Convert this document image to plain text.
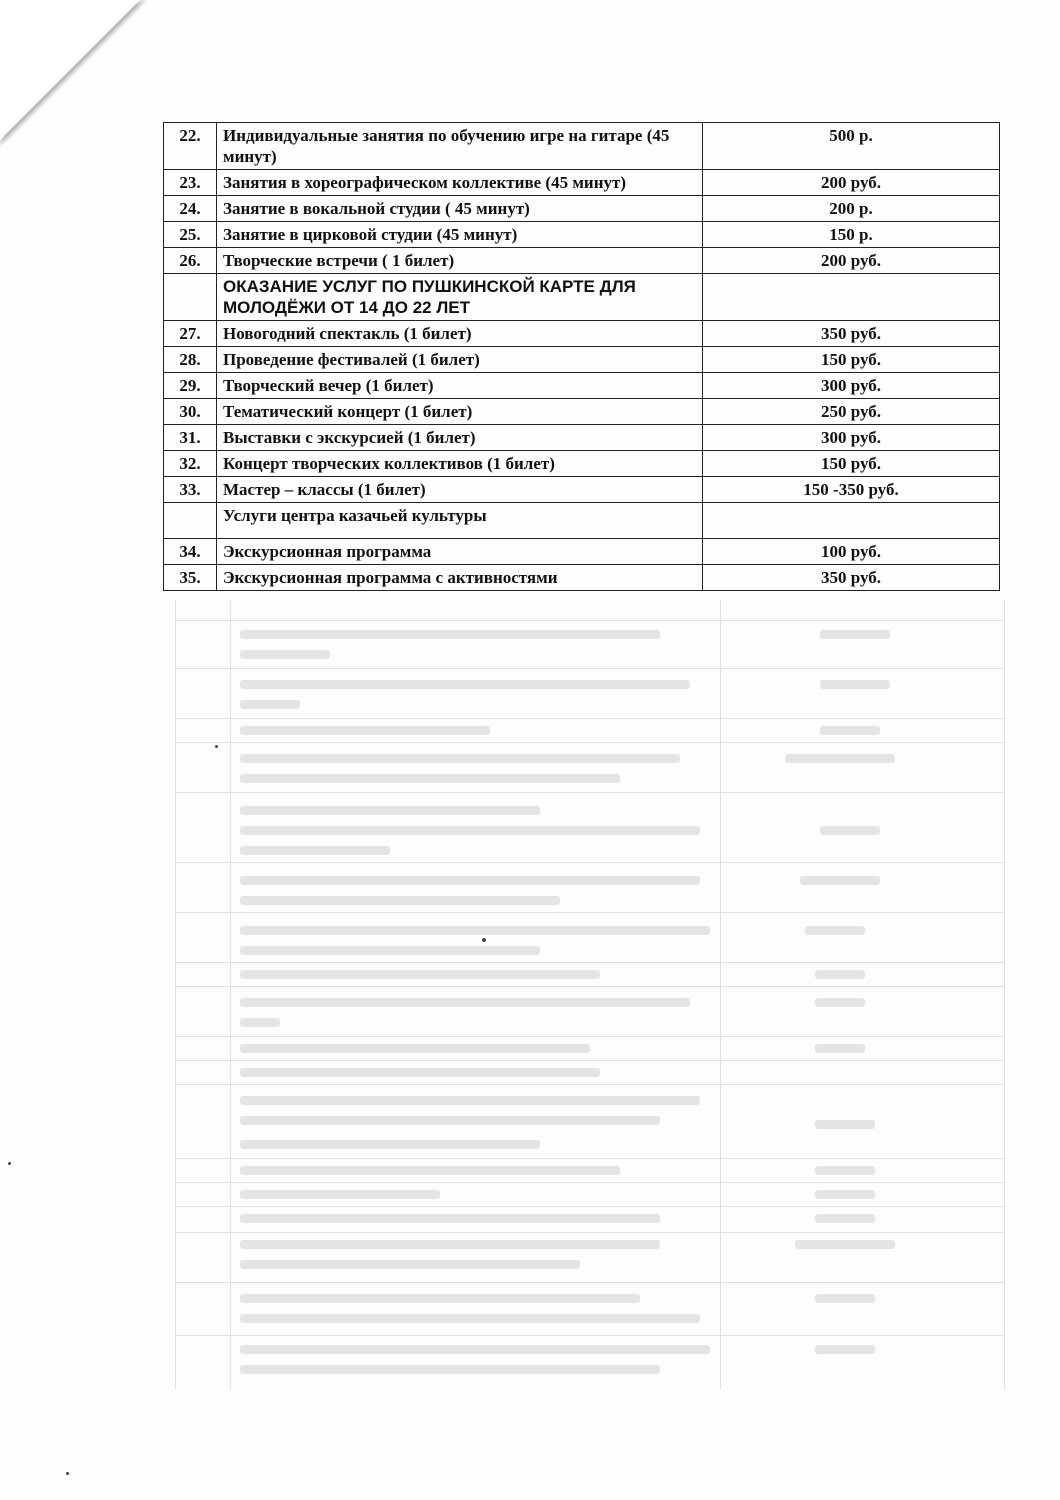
22.	Индивидуальные занятия по обучению игре на гитаре (45 минут)	500 р.
23.	Занятия в хореографическом коллективе (45 минут)	200 руб.
24.	Занятие в вокальной студии ( 45 минут)	200 р.
25.	Занятие в цирковой студии (45 минут)	150 р.
26.	Творческие встречи ( 1 билет)	200 руб.
	ОКАЗАНИЕ УСЛУГ ПО ПУШКИНСКОЙ КАРТЕ ДЛЯ МОЛОДЁЖИ ОТ 14 ДО 22 ЛЕТ	
27.	Новогодний спектакль (1 билет)	350 руб.
28.	Проведение фестивалей (1 билет)	150 руб.
29.	Творческий вечер (1 билет)	300 руб.
30.	Тематический концерт (1 билет)	250 руб.
31.	Выставки с экскурсией (1 билет)	300 руб.
32.	Концерт творческих коллективов (1 билет)	150 руб.
33.	Мастер – классы (1 билет)	150 -350 руб.
	Услуги центра казачьей культуры	
34.	Экскурсионная программа	100 руб.
35.	Экскурсионная программа с активностями	350 руб.
